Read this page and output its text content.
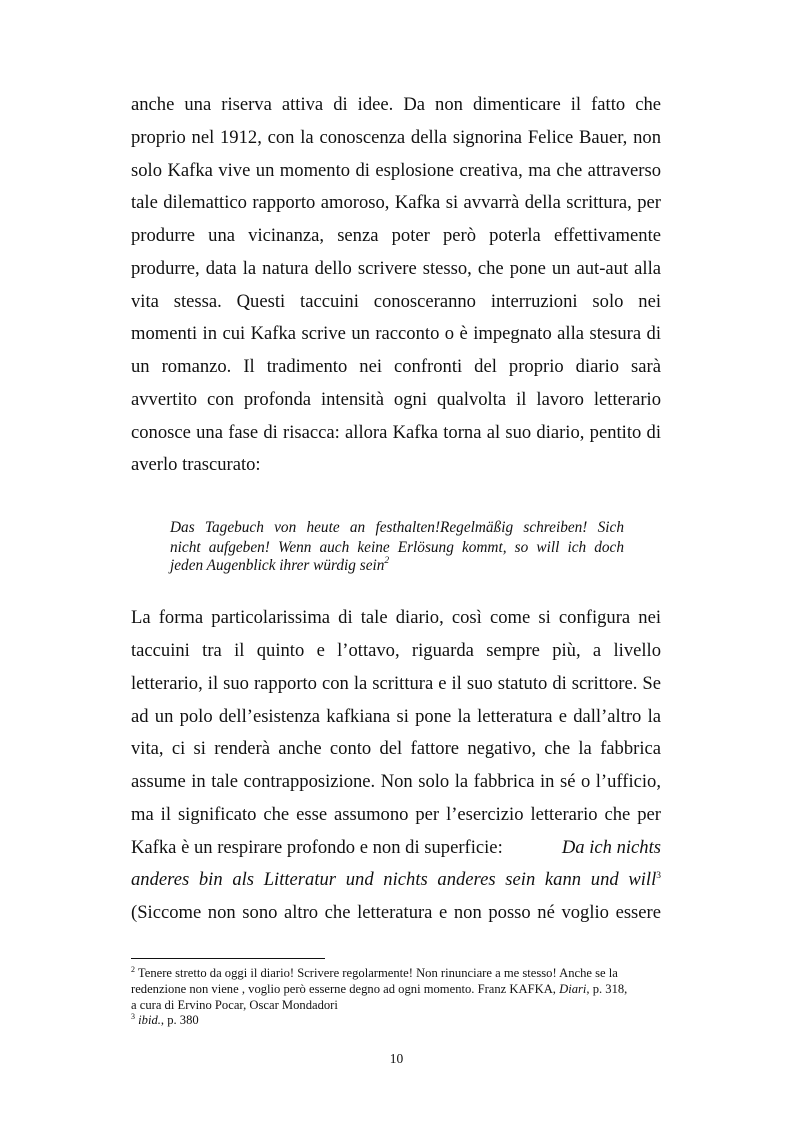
anche una riserva attiva di idee. Da non dimenticare il fatto che
proprio nel 1912, con la conoscenza della signorina Felice Bauer, non
solo Kafka vive un momento di esplosione creativa, ma che attraverso
tale dilemattico rapporto amoroso, Kafka si avvarrà della scrittura, per
produrre una vicinanza, senza poter però poterla effettivamente
produrre, data la natura dello scrivere stesso, che pone un aut-aut alla
vita stessa. Questi taccuini conosceranno interruzioni solo nei
momenti in cui Kafka scrive un racconto o è impegnato alla stesura di
un romanzo. Il tradimento nei confronti del proprio diario sarà
avvertito con profonda intensità ogni qualvolta il lavoro letterario
conosce una fase di risacca: allora Kafka torna al suo diario, pentito di
averlo trascurato:
Das Tagebuch von heute an festhalten!Regelmäßig schreiben! Sich
nicht aufgeben! Wenn auch keine Erlösung kommt, so will ich doch
jeden Augenblick ihrer würdig sein$^2$
La forma particolarissima di tale diario, così come si configura nei
taccuini tra il quinto e l’ottavo, riguarda sempre più, a livello
letterario, il suo rapporto con la scrittura e il suo statuto di scrittore. Se
ad un polo dell’esistenza kafkiana si pone la letteratura e dall’altro la
vita, ci si renderà anche conto del fattore negativo, che la fabbrica
assume in tale contrapposizione. Non solo la fabbrica in sé o l’ufficio,
ma il significato che esse assumono per l’esercizio letterario che per
Kafka è un respirare profondo e non di superficie:	Da ich nichts
anderes bin als Litteratur und nichts anderes sein kann und will$^3$
(Siccome non sono altro che letteratura e non posso né voglio essere
$^2$ Tenere stretto da oggi il diario! Scrivere regolarmente! Non rinunciare a me stesso! Anche se la
redenzione non viene , voglio però esserne degno ad ogni momento. Franz KAFKA, Diari, p. 318,
a cura di Ervino Pocar, Oscar Mondadori
$^3$ ibid., p. 380
10
